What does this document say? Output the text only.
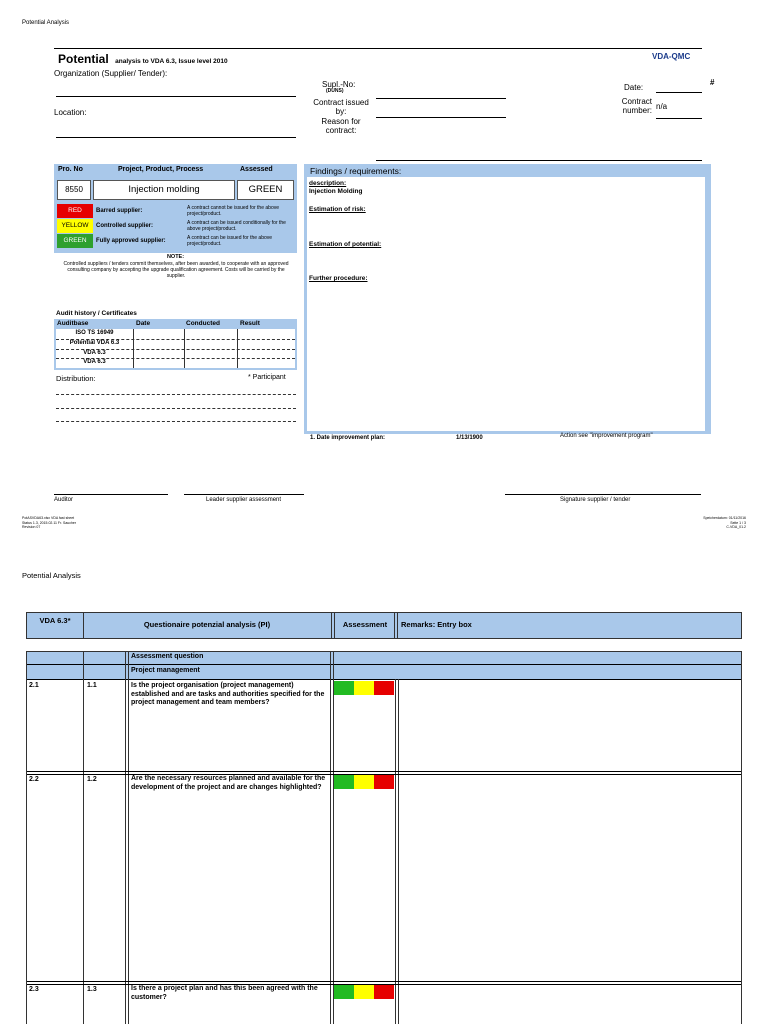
Potential Analysis
Potential analysis to VDA 6.3, Issue level 2010
VDA-QMC
Organization (Supplier/ Tender):
Supl.-No:
(DUNS)	Date:
#
Contract issued by:
Contract number: n/a
Location:
Reason for contract:
Pro. No	Project, Product, Process	Assessed
8550	Injection molding	GREEN
RED	Barred supplier:	A contract cannot be issued for the above project/product.
YELLOW	Controlled supplier:	A contract can be issued conditionally for the above project/product.
GREEN	Fully approved supplier:	A contract can be issued for the above project/product.
NOTE:
Controlled suppliers / tenders commit themselves, after been awarded, to cooperate with an approved consulting company by accepting the upgrade qualification agreement. Costs will be carried by the supplier.
Audit history / Certificates
Auditbase	Date	Conducted	Result
ISO TS 16949
Potential VDA 6.3
VDA 6.3
VDA 6.3
Distribution:	* Participant
Findings / requirements:
description:
Injection Molding
Estimation of risk:
Estimation of potential:
Further procedure:
1. Date improvement plan:	1/13/1900	Action see "improvement program"
Auditor	Leader supplier assessment	Signature supplier / tender
PotASVDA63.xlsx VDA fast sheet
Status 1.3, 2015.02.11 Fr. Saucher
Revision 07
Speicherdatum: 01/11/2016
Seite 1 / 3
C-VDA_01.2
Potential Analysis
VDA 6.3*	Questionaire potenzial analysis (PI)	Assessment	Remarks: Entry box
Assessment question
Project management
2.1	1.1	Is the project organisation (project management) established and are tasks and authorities specified for the project management and team members?
2.2	1.2	Are the necessary resources planned and available for the development of the project and are changes highlighted?
2.3	1.3	Is there a project plan and has this been agreed with the customer?
